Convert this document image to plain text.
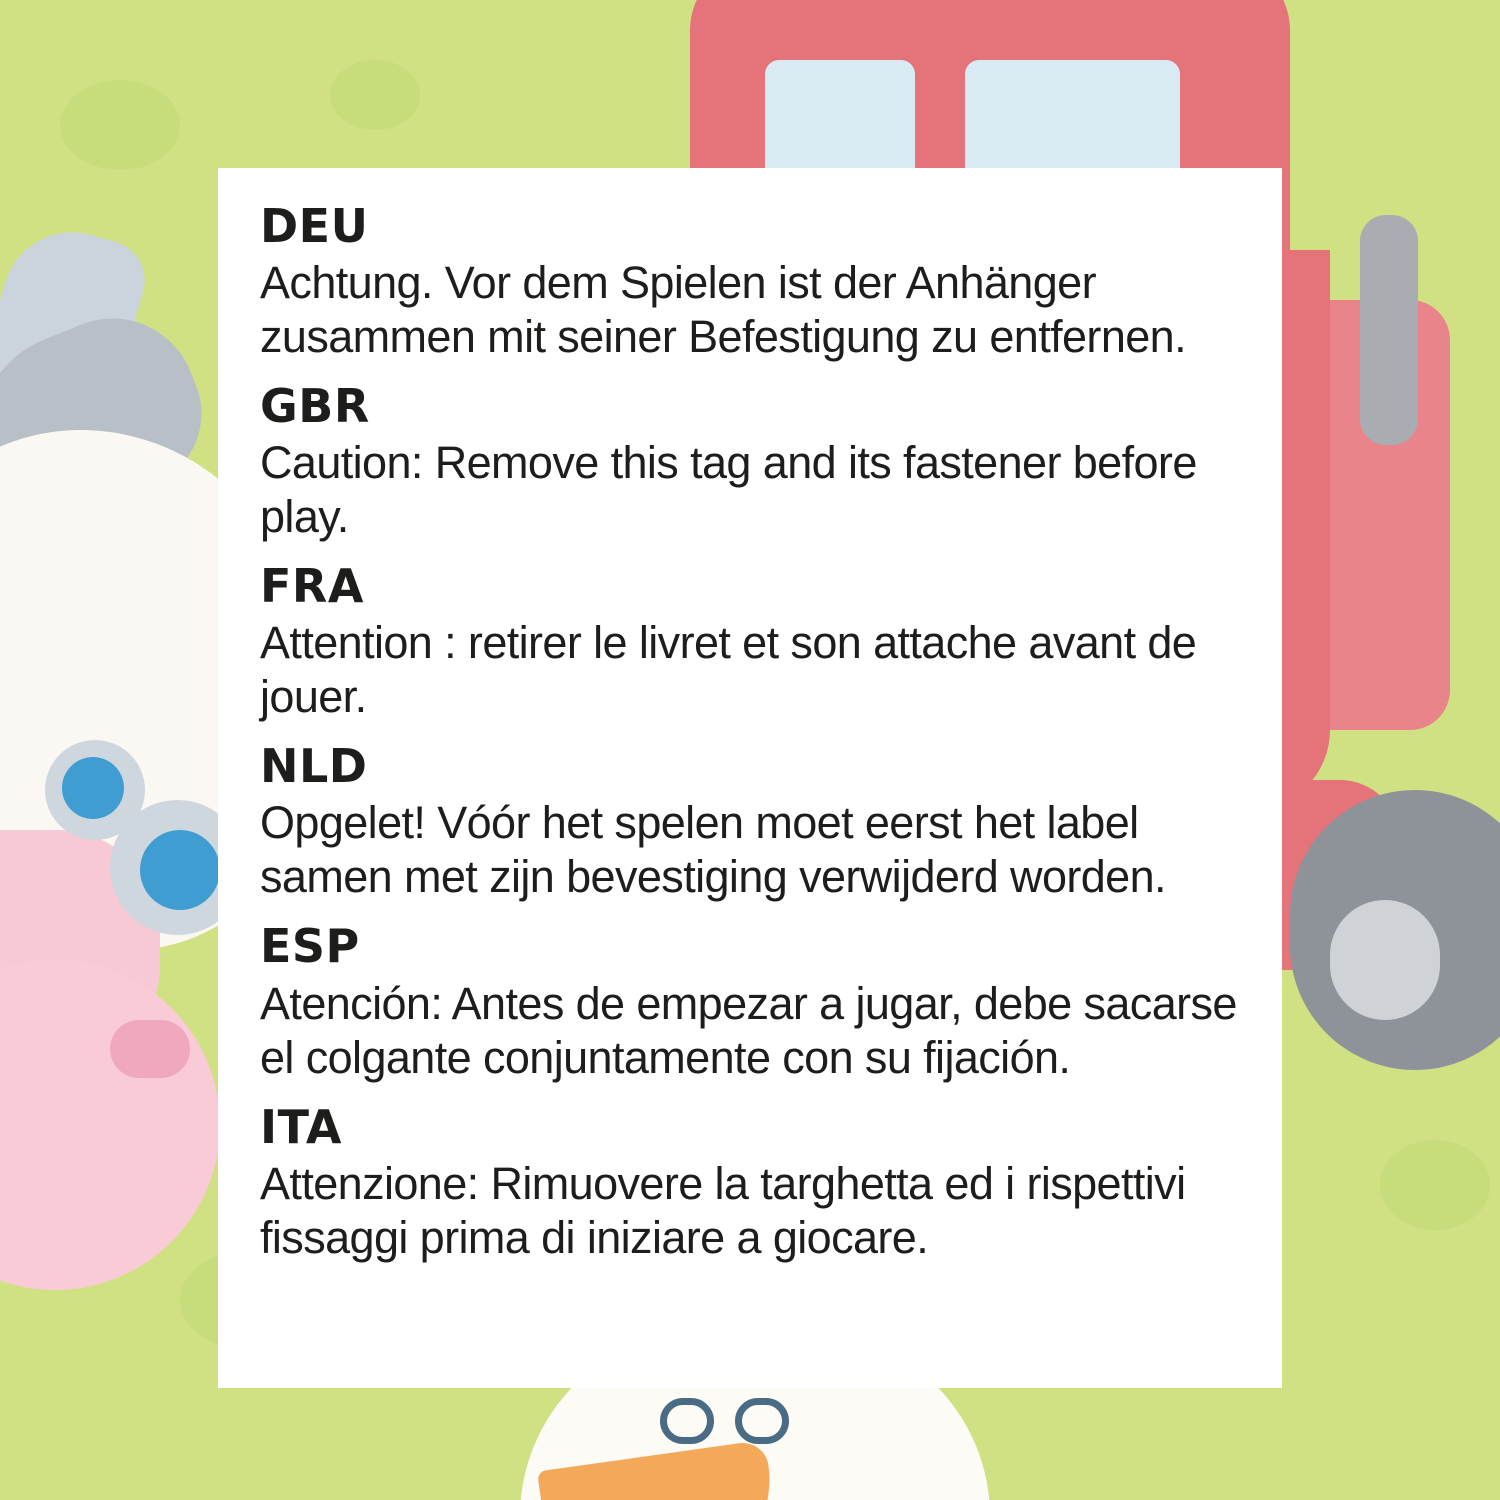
DEU
Achtung. Vor dem Spielen ist der Anhänger zusammen mit seiner Befestigung zu entfernen.
GBR
Caution: Remove this tag and its fastener before play.
FRA
Attention : retirer le livret et son attache avant de jouer.
NLD
Opgelet! Vóór het spelen moet eerst het label samen met zijn bevestiging verwijderd worden.
ESP
Atención: Antes de empezar a jugar, debe sacarse el colgante conjuntamente con su fijación.
ITA
Attenzione: Rimuovere la targhetta ed i rispettivi fissaggi prima di iniziare a giocare.
